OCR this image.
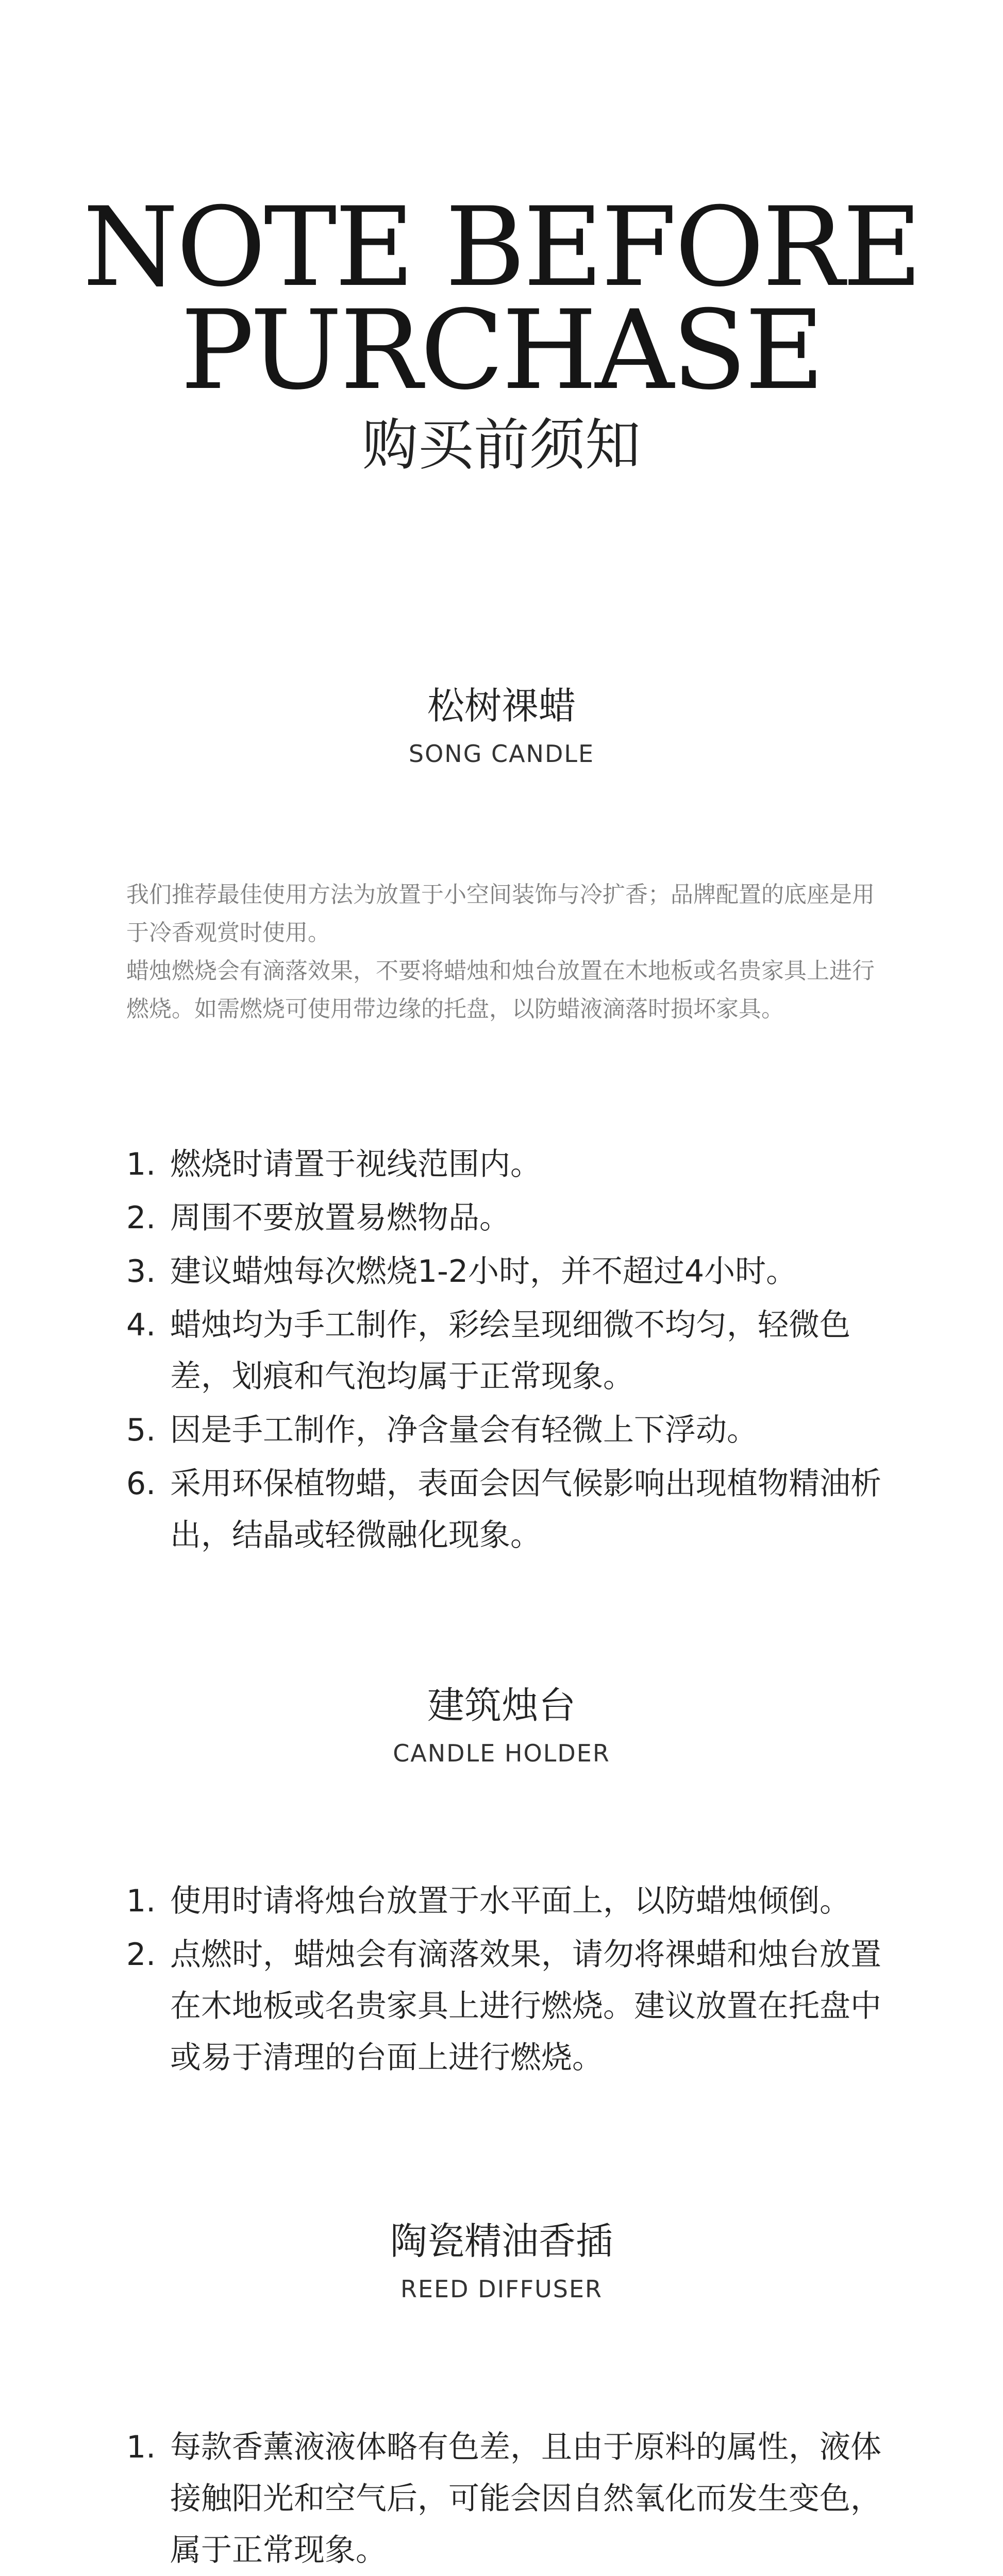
NOTE BEFORE
PURCHASE
购买前须知
松树祼蜡
SONG CANDLE

我们推荐最佳使用方法为放置于小空间装饰与冷扩香；品牌配置的底座是用于冷香观赏时使用。

蜡烛燃烧会有滴落效果，不要将蜡烛和烛台放置在木地板或名贵家具上进行燃烧。如需燃烧可使用带边缘的托盘，以防蜡液滴落时损坏家具。

1. 燃烧时请置于视线范围内。
2. 周围不要放置易燃物品。
3. 建议蜡烛每次燃烧1-2小时，并不超过4小时。
4. 蜡烛均为手工制作，彩绘呈现细微不均匀，轻微色差，划痕和气泡均属于正常现象。
5. 因是手工制作，净含量会有轻微上下浮动。
6. 采用环保植物蜡，表面会因气候影响出现植物精油析出，结晶或轻微融化现象。
建筑烛台
CANDLE HOLDER
1. 使用时请将烛台放置于水平面上，以防蜡烛倾倒。
2. 点燃时，蜡烛会有滴落效果，请勿将祼蜡和烛台放置在木地板或名贵家具上进行燃烧。建议放置在托盘中或易于清理的台面上进行燃烧。
陶瓷精油香插
REED DIFFUSER
1. 每款香薰液液体略有色差，且由于原料的属性，液体接触阳光和空气后，可能会因自然氧化而发生变色，属于正常现象。
